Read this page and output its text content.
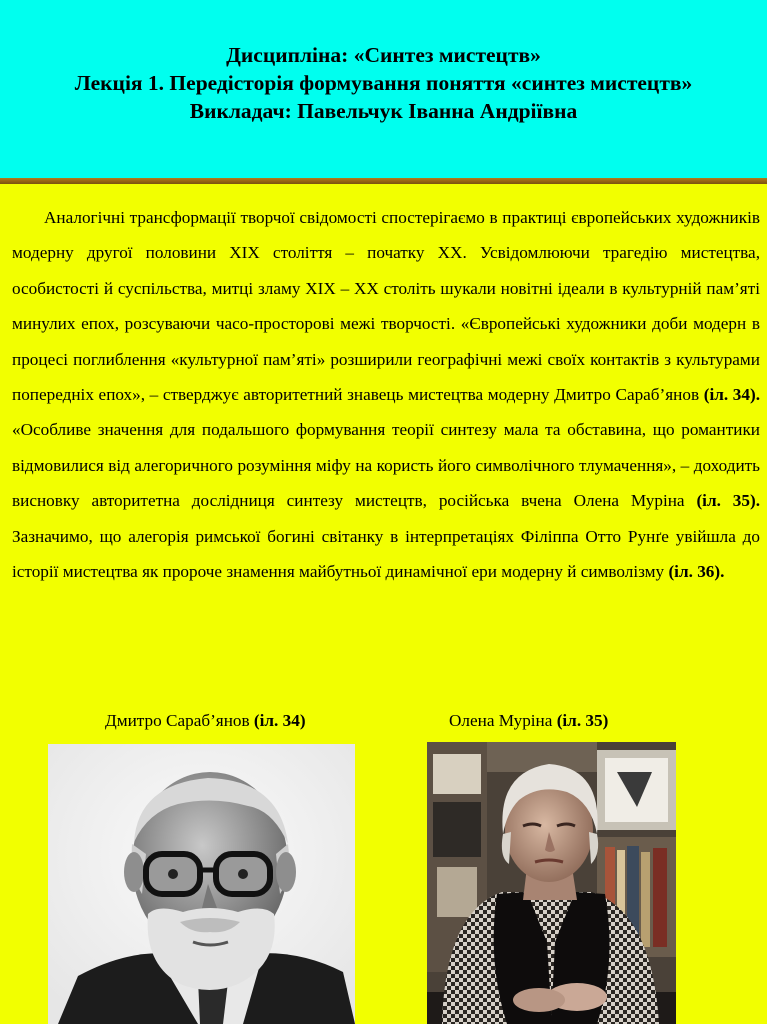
Дисципліна: «Синтез мистецтв»
Лекція 1. Передісторія формування поняття «синтез мистецтв»
Викладач: Павельчук Іванна Андріївна

Аналогічні трансформації творчої свідомості спостерігаємо в практиці європейських художників модерну другої половини ХІХ століття – початку ХХ. Усвідомлюючи трагедію мистецтва, особистості й суспільства, митці зламу ХІХ – ХХ століть шукали новітні ідеали в культурній пам’яті минулих епох, розсуваючи часо-просторові межі творчості. «Європейські художники доби модерн в процесі поглиблення «культурної пам’яті» розширили географічні межі своїх контактів з культурами попередніх епох», – стверджує авторитетний знавець мистецтва модерну Дмитро Сараб’янов (іл. 34). «Особливе значення для подальшого формування теорії синтезу мала та обставина, що романтики відмовилися від алегоричного розуміння міфу на користь його символічного тлумачення», – доходить висновку авторитетна дослідниця синтезу мистецтв, російська вчена Олена Муріна (іл. 35). Зазначимо, що алегорія римської богині світанку в інтерпретаціях Філіппа Отто Рунґе увійшла до історії мистецтва як пророче знамення майбутньої динамічної ери модерну й символізму (іл. 36).

Дмитро Сараб’янов (іл. 34)	Олена Муріна (іл. 35)
